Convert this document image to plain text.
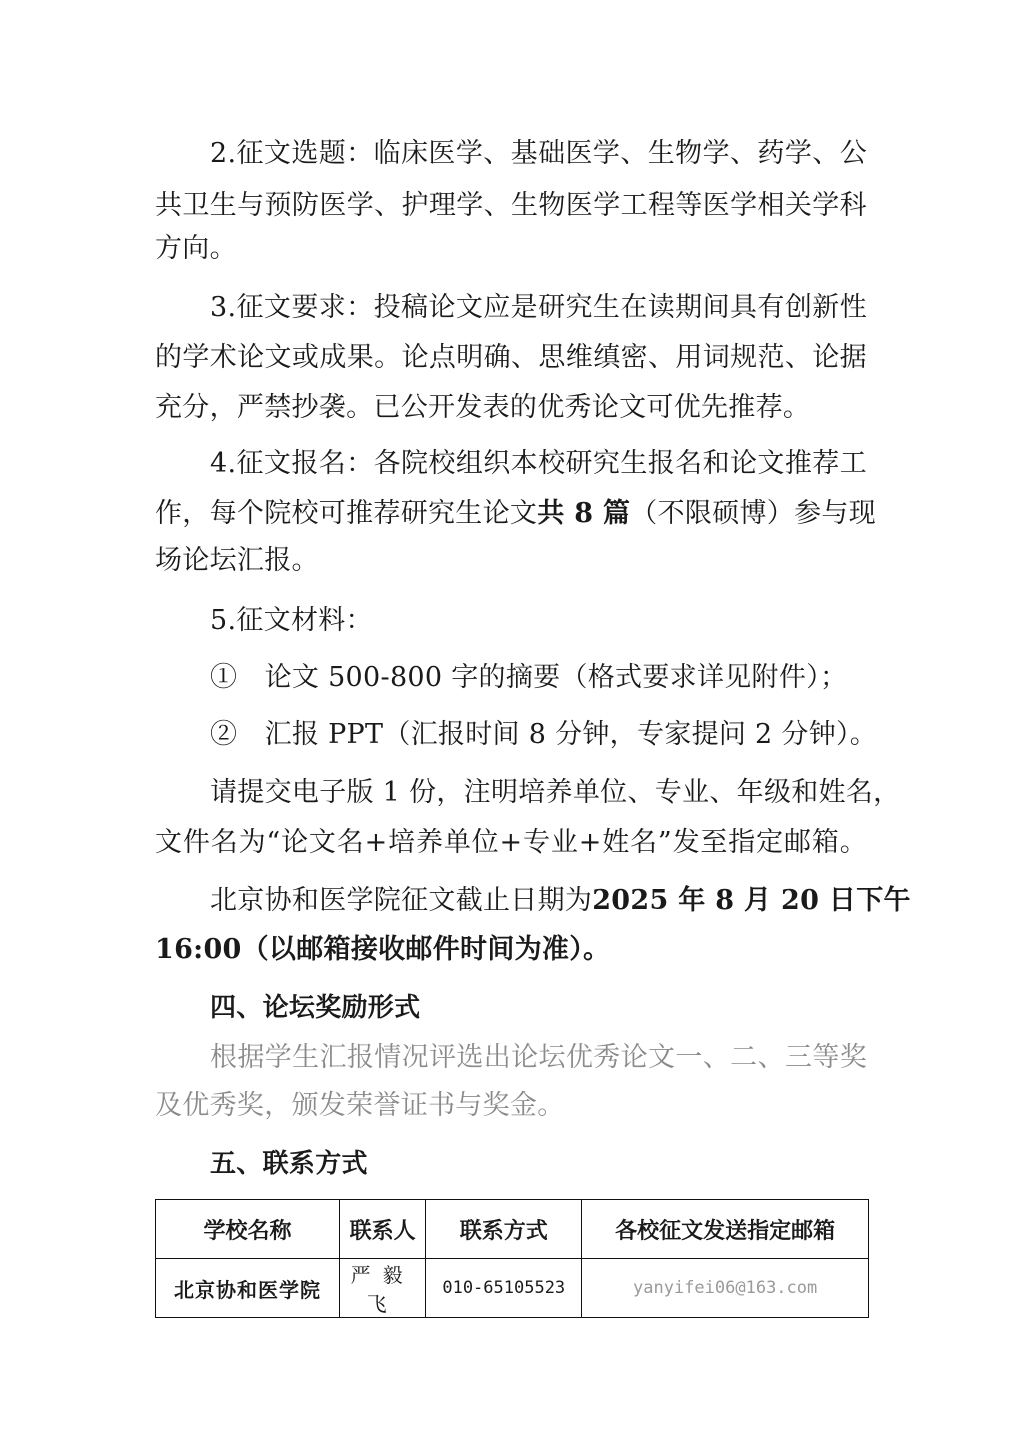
2.征文选题：临床医学、基础医学、生物学、药学、公
共卫生与预防医学、护理学、生物医学工程等医学相关学科
方向。
3.征文要求：投稿论文应是研究生在读期间具有创新性
的学术论文或成果。论点明确、思维缜密、用词规范、论据
充分，严禁抄袭。已公开发表的优秀论文可优先推荐。
4.征文报名：各院校组织本校研究生报名和论文推荐工
作，每个院校可推荐研究生论文共 8 篇（不限硕博）参与现
场论坛汇报。
5.征文材料：
①　论文 500-800 字的摘要（格式要求详见附件）；
②　汇报 PPT（汇报时间 8 分钟，专家提问 2 分钟）。
请提交电子版 1 份，注明培养单位、专业、年级和姓名，
文件名为“论文名+培养单位+专业+姓名”发至指定邮箱。
北京协和医学院征文截止日期为2025 年 8 月 20 日下午
16:00（以邮箱接收邮件时间为准）。
四、论坛奖励形式
根据学生汇报情况评选出论坛优秀论文一、二、三等奖
及优秀奖，颁发荣誉证书与奖金。
五、联系方式
学校名称	联系人	联系方式	各校征文发送指定邮箱
北京协和医学院	严毅飞	010-65105523	yanyifei06@163.com
